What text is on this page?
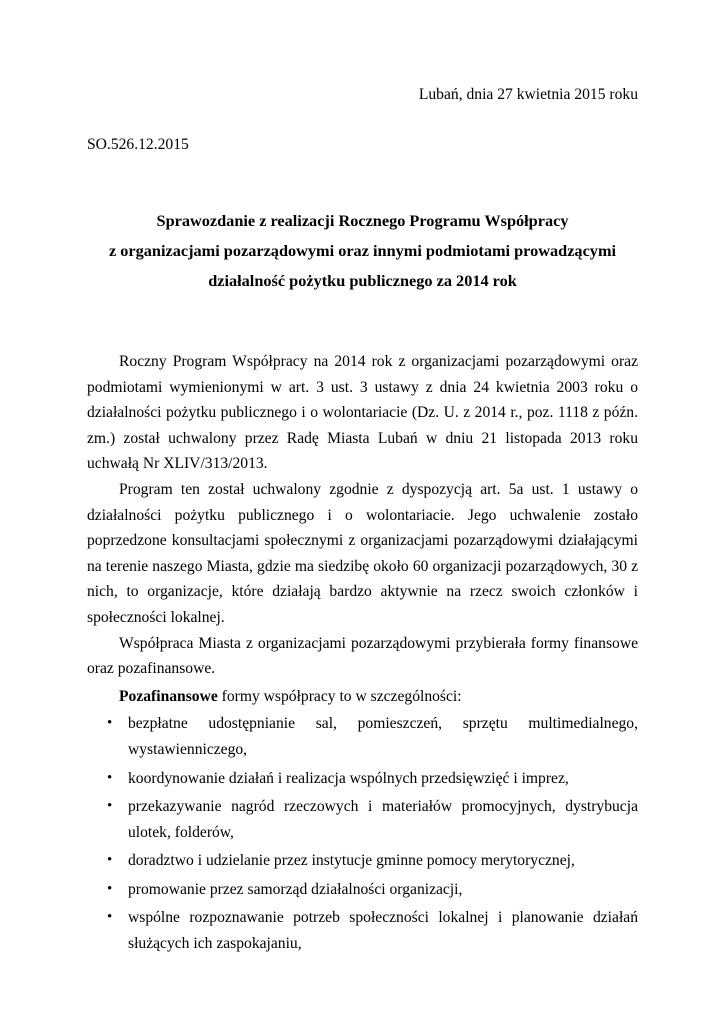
Lubań, dnia 27 kwietnia 2015 roku
SO.526.12.2015
Sprawozdanie z realizacji Rocznego Programu Współpracy
z organizacjami pozarządowymi oraz innymi podmiotami prowadzącymi
działalność pożytku publicznego za 2014 rok

Roczny Program Współpracy na 2014 rok z organizacjami pozarządowymi oraz podmiotami wymienionymi w art. 3 ust. 3 ustawy z dnia 24 kwietnia 2003 roku o działalności pożytku publicznego i o wolontariacie (Dz. U. z 2014 r., poz. 1118 z późn. zm.) został uchwalony przez Radę Miasta Lubań w dniu 21 listopada 2013 roku uchwałą Nr XLIV/313/2013.

Program ten został uchwalony zgodnie z dyspozycją art. 5a ust. 1 ustawy o działalności pożytku publicznego i o wolontariacie. Jego uchwalenie zostało poprzedzone konsultacjami społecznymi z organizacjami pozarządowymi działającymi na terenie naszego Miasta, gdzie ma siedzibę około 60 organizacji pozarządowych, 30 z nich, to organizacje, które działają bardzo aktywnie na rzecz swoich członków i społeczności lokalnej.

Współpraca Miasta z organizacjami pozarządowymi przybierała formy finansowe oraz pozafinansowe.

Pozafinansowe formy współpracy to w szczególności:

• bezpłatne udostępnianie sal, pomieszczeń, sprzętu multimedialnego, wystawienniczego,
• koordynowanie działań i realizacja wspólnych przedsięwzięć i imprez,
• przekazywanie nagród rzeczowych i materiałów promocyjnych, dystrybucja ulotek, folderów,
• doradztwo i udzielanie przez instytucje gminne pomocy merytorycznej,
• promowanie przez samorząd działalności organizacji,
• wspólne rozpoznawanie potrzeb społeczności lokalnej i planowanie działań służących ich zaspokajaniu,
